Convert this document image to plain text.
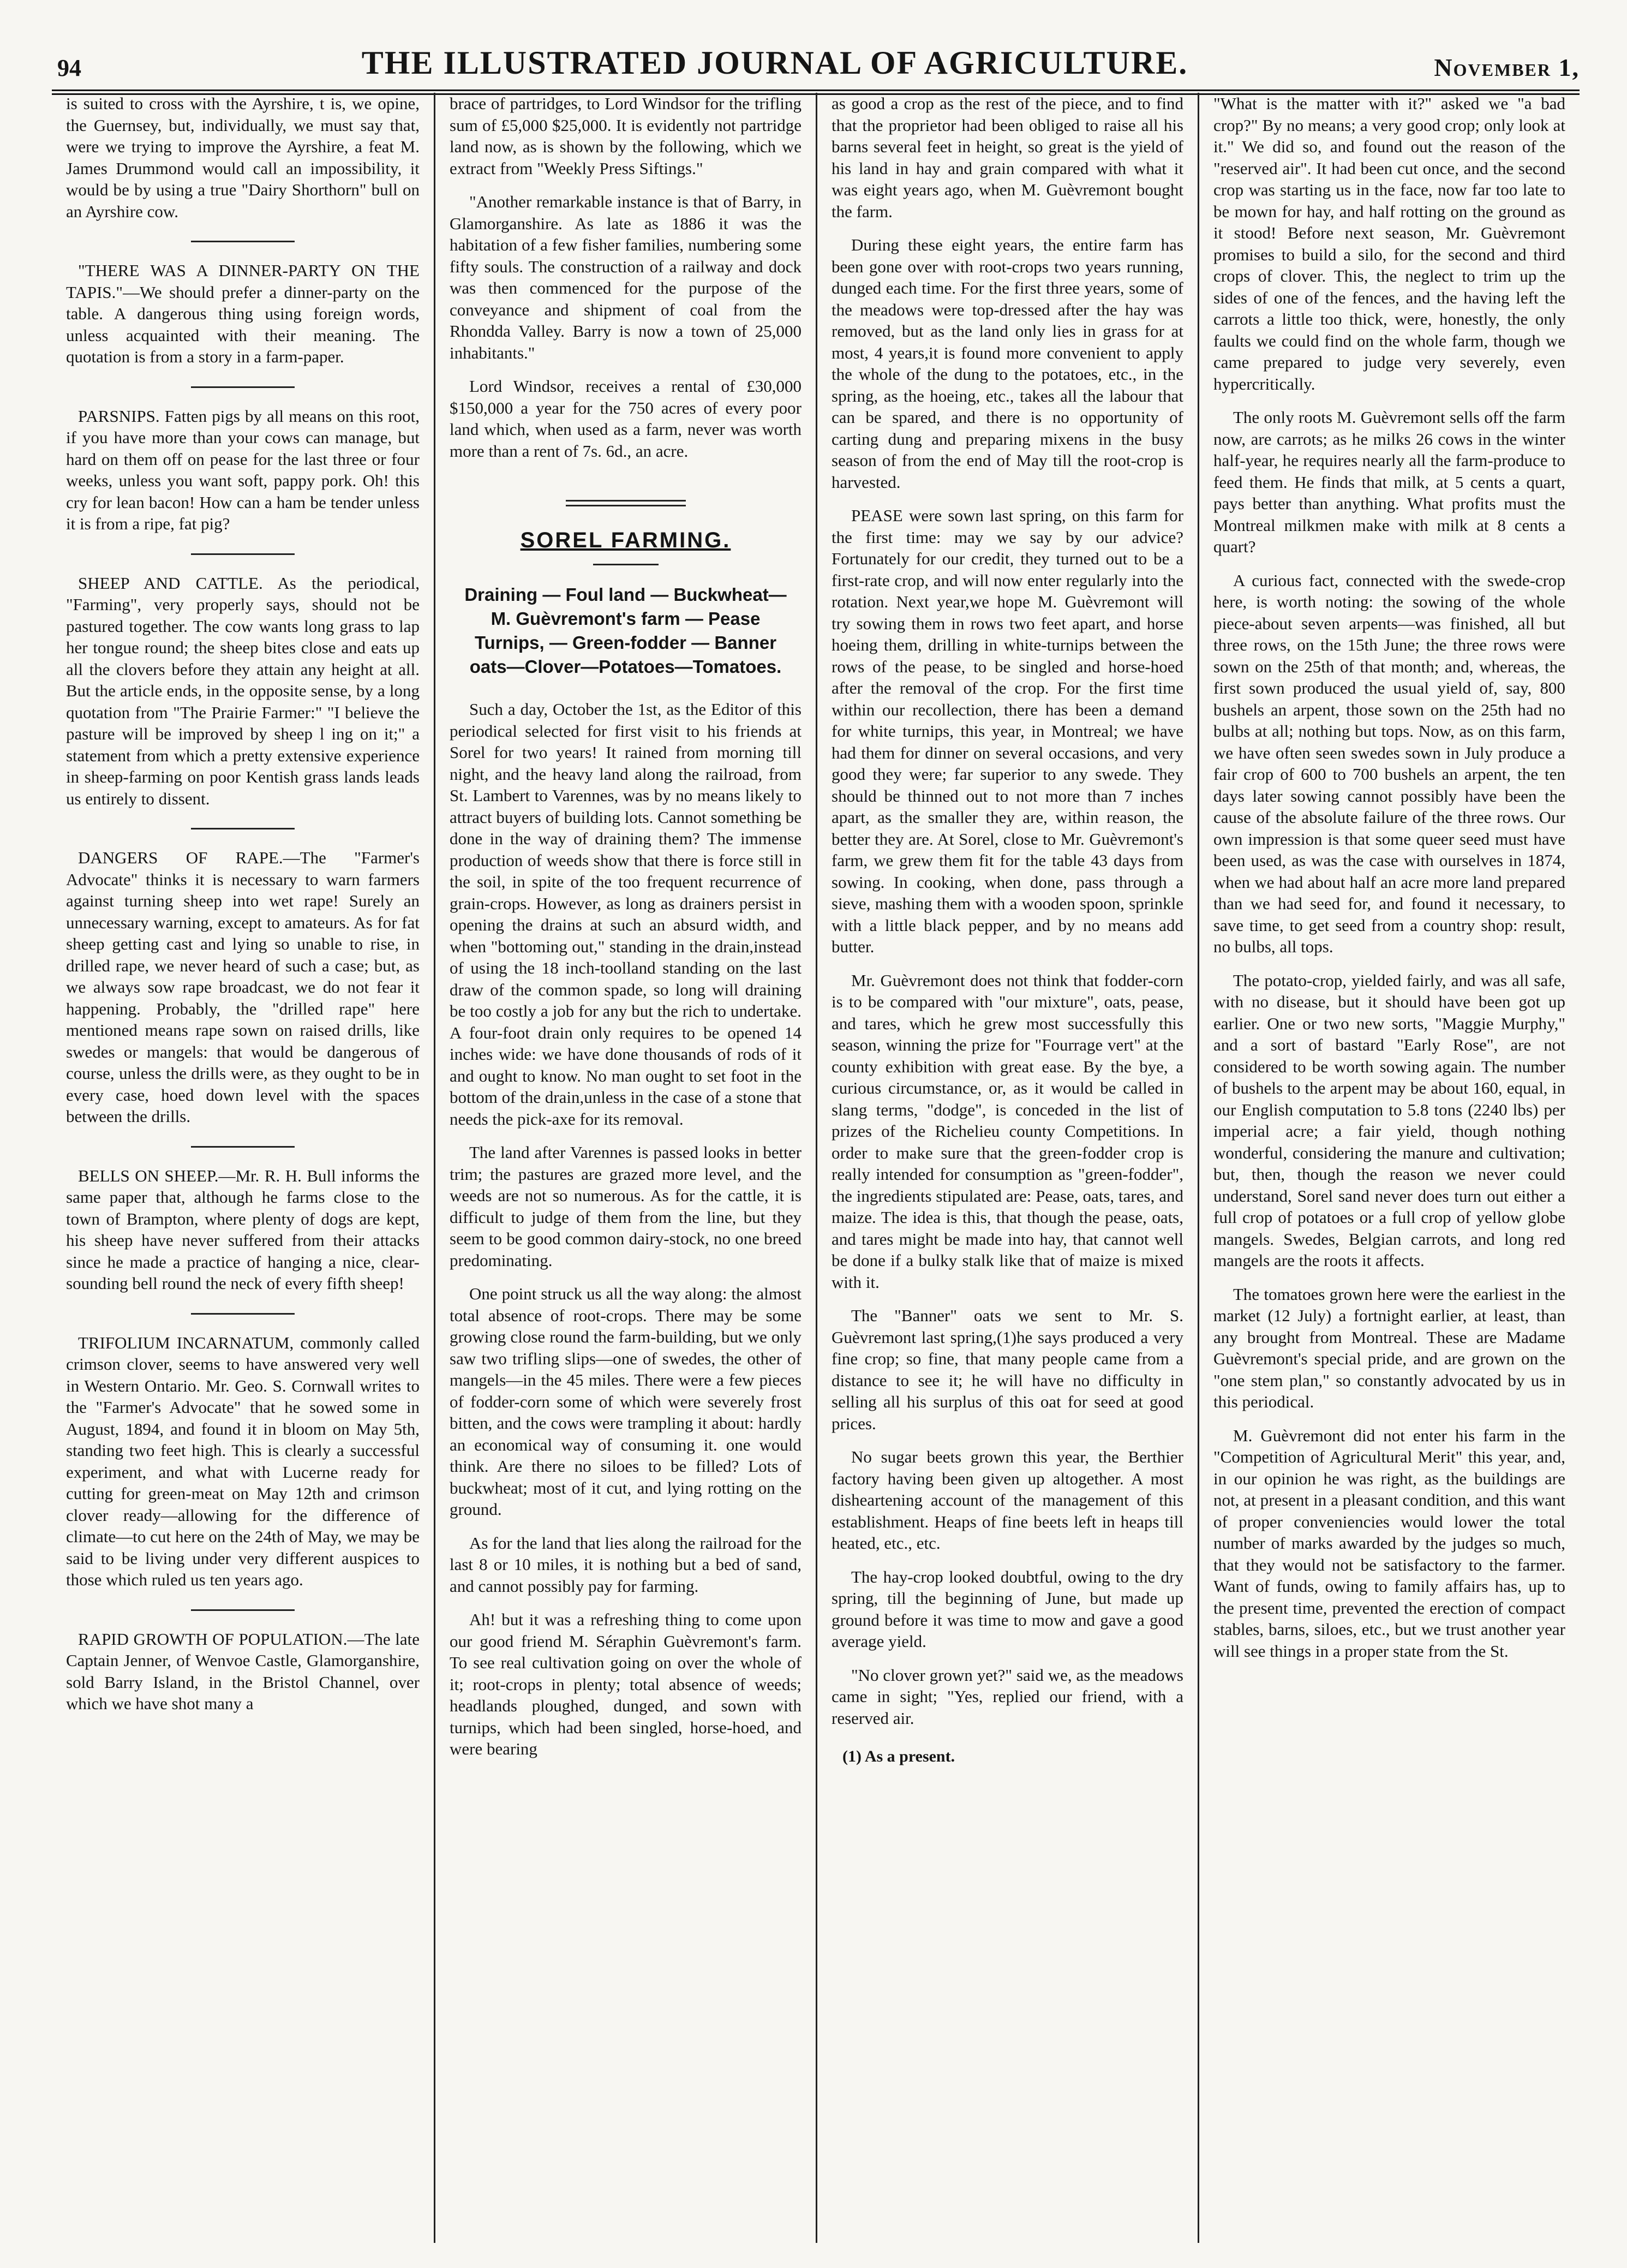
94	THE ILLUSTRATED JOURNAL OF AGRICULTURE.	November 1,

is suited to cross with the Ayrshire, t is, we opine, the Guernsey, but, individually, we must say that, were we trying to improve the Ayrshire, a feat M. James Drummond would call an impossibility, it would be by using a true "Dairy Shorthorn" bull on an Ayrshire cow.

"THERE WAS A DINNER-PARTY ON THE TAPIS."—We should prefer a dinner-party on the table. A dangerous thing using foreign words, unless acquainted with their meaning. The quotation is from a story in a farm-paper.

PARSNIPS. Fatten pigs by all means on this root, if you have more than your cows can manage, but hard on them off on pease for the last three or four weeks, unless you want soft, pappy pork. Oh! this cry for lean bacon! How can a ham be tender unless it is from a ripe, fat pig?

SHEEP AND CATTLE. As the periodical, "Farming", very properly says, should not be pastured together. The cow wants long grass to lap her tongue round; the sheep bites close and eats up all the clovers before they attain any height at all. But the article ends, in the opposite sense, by a long quotation from "The Prairie Farmer:" "I believe the pasture will be improved by sheep l ing on it;" a statement from which a pretty extensive experience in sheep-farming on poor Kentish grass lands leads us entirely to dissent.

DANGERS OF RAPE.—The "Farmer's Advocate" thinks it is necessary to warn farmers against turning sheep into wet rape! Surely an unnecessary warning, except to amateurs. As for fat sheep getting cast and lying so unable to rise, in drilled rape, we never heard of such a case; but, as we always sow rape broadcast, we do not fear it happening. Probably, the "drilled rape" here mentioned means rape sown on raised drills, like swedes or mangels: that would be dangerous of course, unless the drills were, as they ought to be in every case, hoed down level with the spaces between the drills.

BELLS ON SHEEP.—Mr. R. H. Bull informs the same paper that, although he farms close to the town of Brampton, where plenty of dogs are kept, his sheep have never suffered from their attacks since he made a practice of hanging a nice, clear-sounding bell round the neck of every fifth sheep!

TRIFOLIUM INCARNATUM, commonly called crimson clover, seems to have answered very well in Western Ontario. Mr. Geo. S. Cornwall writes to the "Farmer's Advocate" that he sowed some in August, 1894, and found it in bloom on May 5th, standing two feet high. This is clearly a successful experiment, and what with Lucerne ready for cutting for green-meat on May 12th and crimson clover ready—allowing for the difference of climate—to cut here on the 24th of May, we may be said to be living under very different auspices to those which ruled us ten years ago.

RAPID GROWTH OF POPULATION.—The late Captain Jenner, of Wenvoe Castle, Glamorganshire, sold Barry Island, in the Bristol Channel, over which we have shot many a

brace of partridges, to Lord Windsor for the trifling sum of £5,000 $25,000. It is evidently not partridge land now, as is shown by the following, which we extract from "Weekly Press Siftings."

"Another remarkable instance is that of Barry, in Glamorganshire. As late as 1886 it was the habitation of a few fisher families, numbering some fifty souls. The construction of a railway and dock was then commenced for the purpose of the conveyance and shipment of coal from the Rhondda Valley. Barry is now a town of 25,000 inhabitants."

Lord Windsor, receives a rental of £30,000 $150,000 a year for the 750 acres of every poor land which, when used as a farm, never was worth more than a rent of 7s. 6d., an acre.

SOREL FARMING.
Draining — Foul land — Buckwheat— M. Guèvremont's farm — Pease Turnips, — Green-fodder — Banner oats—Clover—Potatoes—Tomatoes.

Such a day, October the 1st, as the Editor of this periodical selected for first visit to his friends at Sorel for two years! It rained from morning till night, and the heavy land along the railroad, from St. Lambert to Varennes, was by no means likely to attract buyers of building lots. Cannot something be done in the way of draining them? The immense production of weeds show that there is force still in the soil, in spite of the too frequent recurrence of grain-crops. However, as long as drainers persist in opening the drains at such an absurd width, and when "bottoming out," standing in the drain,instead of using the 18 inch-toolland standing on the last draw of the common spade, so long will draining be too costly a job for any but the rich to undertake. A four-foot drain only requires to be opened 14 inches wide: we have done thousands of rods of it and ought to know. No man ought to set foot in the bottom of the drain,unless in the case of a stone that needs the pick-axe for its removal.

The land after Varennes is passed looks in better trim; the pastures are grazed more level, and the weeds are not so numerous. As for the cattle, it is difficult to judge of them from the line, but they seem to be good common dairy-stock, no one breed predominating.

One point struck us all the way along: the almost total absence of root-crops. There may be some growing close round the farm-building, but we only saw two trifling slips—one of swedes, the other of mangels—in the 45 miles. There were a few pieces of fodder-corn some of which were severely frost bitten, and the cows were trampling it about: hardly an economical way of consuming it. one would think. Are there no siloes to be filled? Lots of buckwheat; most of it cut, and lying rotting on the ground.

As for the land that lies along the railroad for the last 8 or 10 miles, it is nothing but a bed of sand, and cannot possibly pay for farming.

Ah! but it was a refreshing thing to come upon our good friend M. Séraphin Guèvremont's farm. To see real cultivation going on over the whole of it; root-crops in plenty; total absence of weeds; headlands ploughed, dunged, and sown with turnips, which had been singled, horse-hoed, and were bearing

as good a crop as the rest of the piece, and to find that the proprietor had been obliged to raise all his barns several feet in height, so great is the yield of his land in hay and grain compared with what it was eight years ago, when M. Guèvremont bought the farm.

During these eight years, the entire farm has been gone over with root-crops two years running, dunged each time. For the first three years, some of the meadows were top-dressed after the hay was removed, but as the land only lies in grass for at most, 4 years,it is found more convenient to apply the whole of the dung to the potatoes, etc., in the spring, as the hoeing, etc., takes all the labour that can be spared, and there is no opportunity of carting dung and preparing mixens in the busy season of from the end of May till the root-crop is harvested.

PEASE were sown last spring, on this farm for the first time: may we say by our advice? Fortunately for our credit, they turned out to be a first-rate crop, and will now enter regularly into the rotation. Next year,we hope M. Guèvremont will try sowing them in rows two feet apart, and horse hoeing them, drilling in white-turnips between the rows of the pease, to be singled and horse-hoed after the removal of the crop. For the first time within our recollection, there has been a demand for white turnips, this year, in Montreal; we have had them for dinner on several occasions, and very good they were; far superior to any swede. They should be thinned out to not more than 7 inches apart, as the smaller they are, within reason, the better they are. At Sorel, close to Mr. Guèvremont's farm, we grew them fit for the table 43 days from sowing. In cooking, when done, pass through a sieve, mashing them with a wooden spoon, sprinkle with a little black pepper, and by no means add butter.

Mr. Guèvremont does not think that fodder-corn is to be compared with "our mixture", oats, pease, and tares, which he grew most successfully this season, winning the prize for "Fourrage vert" at the county exhibition with great ease. By the bye, a curious circumstance, or, as it would be called in slang terms, "dodge", is conceded in the list of prizes of the Richelieu county Competitions. In order to make sure that the green-fodder crop is really intended for consumption as "green-fodder", the ingredients stipulated are: Pease, oats, tares, and maize. The idea is this, that though the pease, oats, and tares might be made into hay, that cannot well be done if a bulky stalk like that of maize is mixed with it.

The "Banner" oats we sent to Mr. S. Guèvremont last spring,(1)he says produced a very fine crop; so fine, that many people came from a distance to see it; he will have no difficulty in selling all his surplus of this oat for seed at good prices.

No sugar beets grown this year, the Berthier factory having been given up altogether. A most disheartening account of the management of this establishment. Heaps of fine beets left in heaps till heated, etc., etc.

The hay-crop looked doubtful, owing to the dry spring, till the beginning of June, but made up ground before it was time to mow and gave a good average yield.

"No clover grown yet?" said we, as the meadows came in sight; "Yes, replied our friend, with a reserved air.

(1) As a present.

"What is the matter with it?" asked we "a bad crop?" By no means; a very good crop; only look at it." We did so, and found out the reason of the "reserved air". It had been cut once, and the second crop was starting us in the face, now far too late to be mown for hay, and half rotting on the ground as it stood! Before next season, Mr. Guèvremont promises to build a silo, for the second and third crops of clover. This, the neglect to trim up the sides of one of the fences, and the having left the carrots a little too thick, were, honestly, the only faults we could find on the whole farm, though we came prepared to judge very severely, even hypercritically.

The only roots M. Guèvremont sells off the farm now, are carrots; as he milks 26 cows in the winter half-year, he requires nearly all the farm-produce to feed them. He finds that milk, at 5 cents a quart, pays better than anything. What profits must the Montreal milkmen make with milk at 8 cents a quart?

A curious fact, connected with the swede-crop here, is worth noting: the sowing of the whole piece-about seven arpents—was finished, all but three rows, on the 15th June; the three rows were sown on the 25th of that month; and, whereas, the first sown produced the usual yield of, say, 800 bushels an arpent, those sown on the 25th had no bulbs at all; nothing but tops. Now, as on this farm, we have often seen swedes sown in July produce a fair crop of 600 to 700 bushels an arpent, the ten days later sowing cannot possibly have been the cause of the absolute failure of the three rows. Our own impression is that some queer seed must have been used, as was the case with ourselves in 1874, when we had about half an acre more land prepared than we had seed for, and found it necessary, to save time, to get seed from a country shop: result, no bulbs, all tops.

The potato-crop, yielded fairly, and was all safe, with no disease, but it should have been got up earlier. One or two new sorts, "Maggie Murphy," and a sort of bastard "Early Rose", are not considered to be worth sowing again. The number of bushels to the arpent may be about 160, equal, in our English computation to 5.8 tons (2240 lbs) per imperial acre; a fair yield, though nothing wonderful, considering the manure and cultivation; but, then, though the reason we never could understand, Sorel sand never does turn out either a full crop of potatoes or a full crop of yellow globe mangels. Swedes, Belgian carrots, and long red mangels are the roots it affects.

The tomatoes grown here were the earliest in the market (12 July) a fortnight earlier, at least, than any brought from Montreal. These are Madame Guèvremont's special pride, and are grown on the "one stem plan," so constantly advocated by us in this periodical.

M. Guèvremont did not enter his farm in the "Competition of Agricultural Merit" this year, and, in our opinion he was right, as the buildings are not, at present in a pleasant condition, and this want of proper conveniencies would lower the total number of marks awarded by the judges so much, that they would not be satisfactory to the farmer. Want of funds, owing to family affairs has, up to the present time, prevented the erection of compact stables, barns, siloes, etc., but we trust another year will see things in a proper state from the St.
